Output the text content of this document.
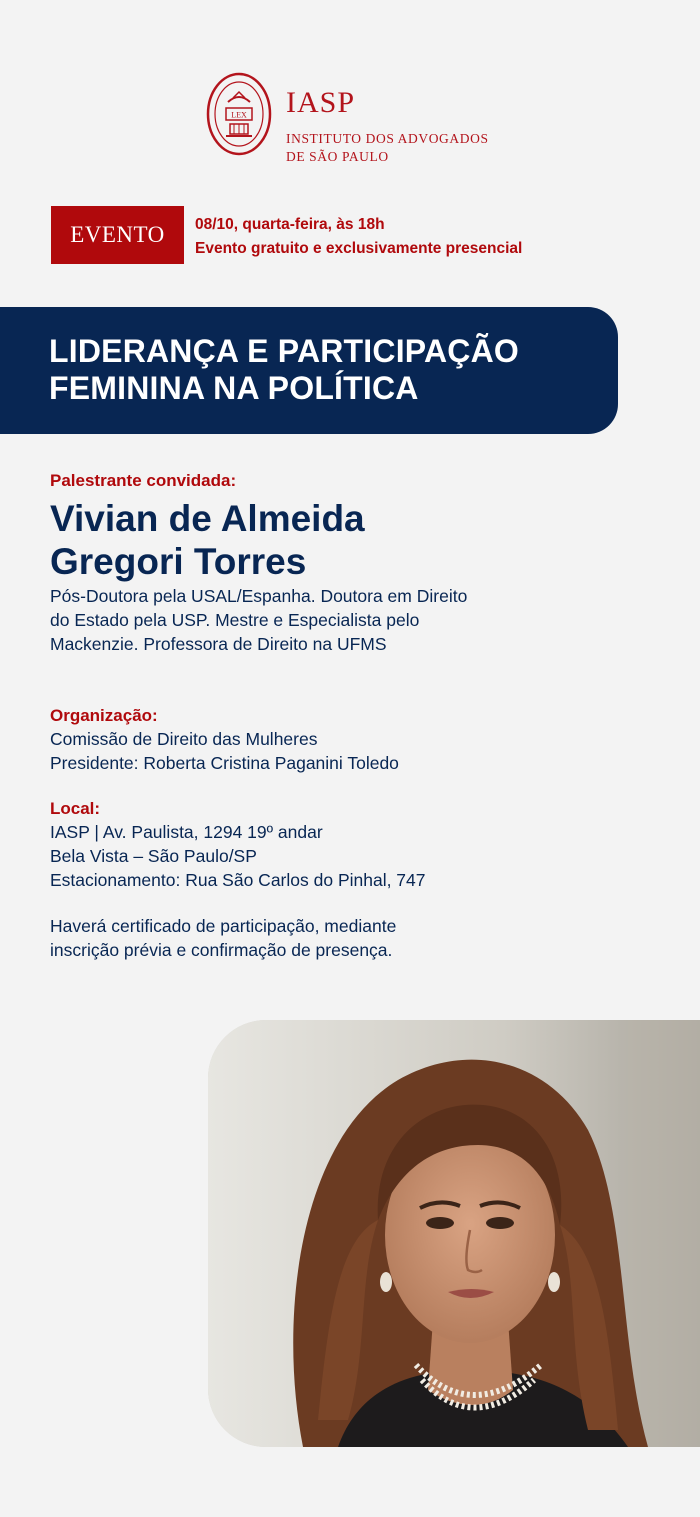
LEX IASP
INSTITUTO DOS ADVOGADOS
DE SÃO PAULO
EVENTO	08/10, quarta-feira, às 18h
Evento gratuito e exclusivamente presencial
LIDERANÇA E PARTICIPAÇÃO
FEMININA NA POLÍTICA
Palestrante convidada:
Vivian de Almeida
Gregori Torres
Pós-Doutora pela USAL/Espanha. Doutora em Direito
do Estado pela USP. Mestre e Especialista pelo
Mackenzie. Professora de Direito na UFMS
Organização:
Comissão de Direito das Mulheres
Presidente: Roberta Cristina Paganini Toledo
Local:
IASP | Av. Paulista, 1294 19º andar
Bela Vista – São Paulo/SP
Estacionamento: Rua São Carlos do Pinhal, 747
Haverá certificado de participação, mediante
inscrição prévia e confirmação de presença.
